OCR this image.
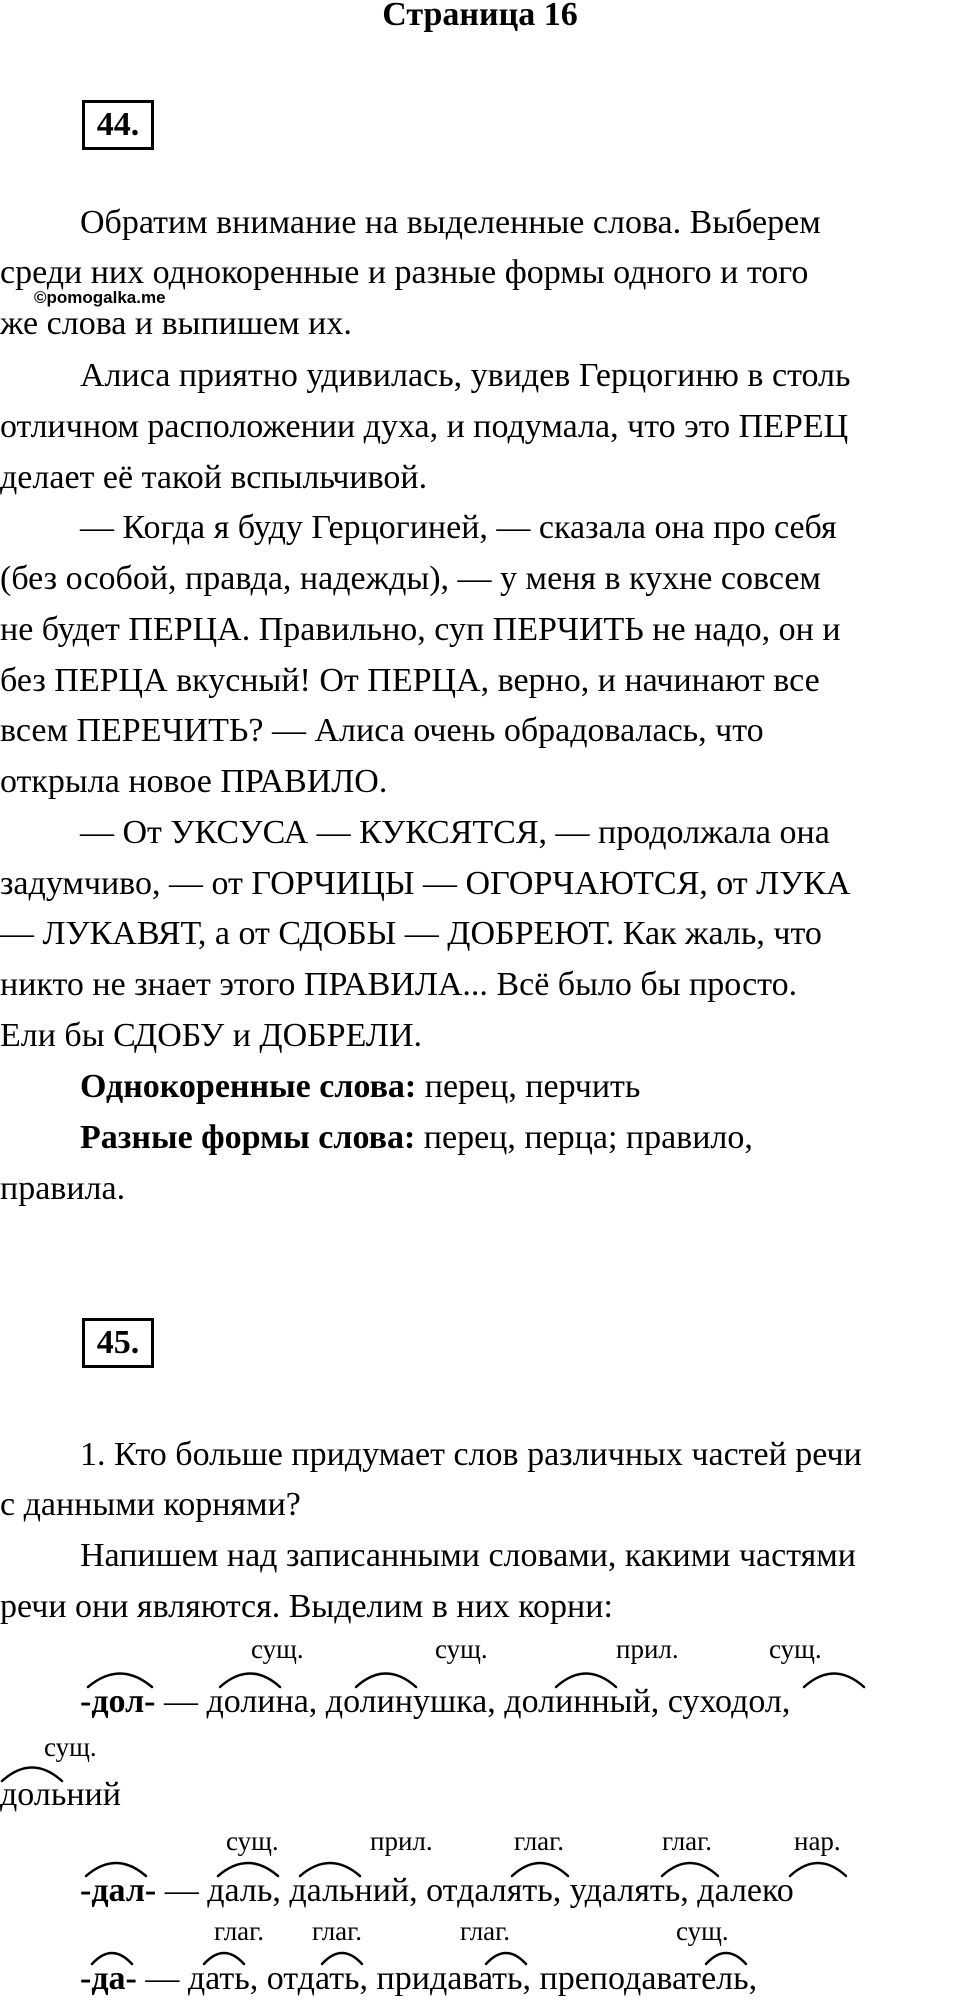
Страница 16
44.
©pomogalka.me
Обратим внимание на выделенные слова. Выберем
среди них однокоренные и разные формы одного и того
же слова и выпишем их.
Алиса приятно удивилась, увидев Герцогиню в столь
отличном расположении духа, и подумала, что это ПЕРЕЦ
делает её такой вспыльчивой.
— Когда я буду Герцогиней, — сказала она про себя
(без особой, правда, надежды), — у меня в кухне совсем
не будет ПЕРЦА. Правильно, суп ПЕРЧИТЬ не надо, он и
без ПЕРЦА вкусный! От ПЕРЦА, верно, и начинают все
всем ПЕРЕЧИТЬ? — Алиса очень обрадовалась, что
открыла новое ПРАВИЛО.
— От УКСУСА — КУКСЯТСЯ, — продолжала она
задумчиво, — от ГОРЧИЦЫ — ОГОРЧАЮТСЯ, от ЛУКА
— ЛУКАВЯТ, а от СДОБЫ — ДОБРЕЮТ. Как жаль, что
никто не знает этого ПРАВИЛА... Всё было бы просто.
Ели бы СДОБУ и ДОБРЕЛИ.
Однокоренные слова: перец, перчить
Разные формы слова: перец, перца; правило,
правила.
45.
1. Кто больше придумает слов различных частей речи
с данными корнями?
Напишем над записанными словами, какими частями
речи они являются. Выделим в них корни:
сущ.	сущ.	прил.	сущ.
-дол- — долина, долинушка, долинный, суходол,
сущ.
дольний
сущ.	прил.	глаг.	глаг.	нар.
-дал- — даль, дальний, отдалять, удалять, далеко
глаг. глаг.	глаг.	сущ.
-да- — дать, отдать, придавать, преподаватель,
